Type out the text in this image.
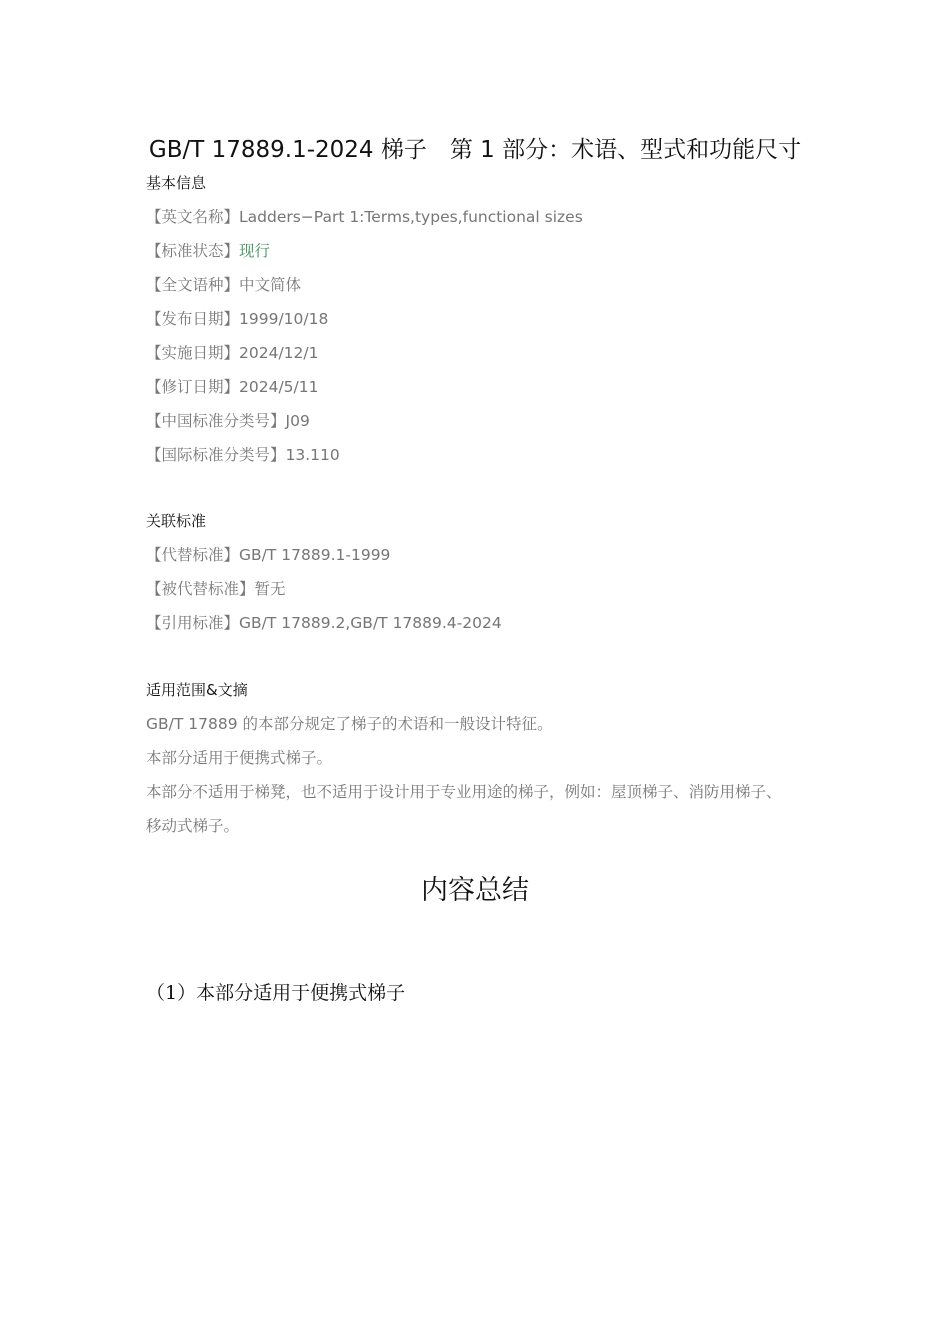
GB/T 17889.1-2024 梯子　第 1 部分：术语、型式和功能尺寸
基本信息
【英文名称】Ladders−Part 1:Terms,types,functional sizes
【标准状态】现行
【全文语种】中文简体
【发布日期】1999/10/18
【实施日期】2024/12/1
【修订日期】2024/5/11
【中国标准分类号】J09
【国际标准分类号】13.110
关联标准
【代替标准】GB/T 17889.1-1999
【被代替标准】暂无
【引用标准】GB/T 17889.2,GB/T 17889.4-2024
适用范围&文摘
GB/T 17889 的本部分规定了梯子的术语和一般设计特征。
本部分适用于便携式梯子。
本部分不适用于梯凳，也不适用于设计用于专业用途的梯子，例如：屋顶梯子、消防用梯子、
移动式梯子。
内容总结
（1）本部分适用于便携式梯子
